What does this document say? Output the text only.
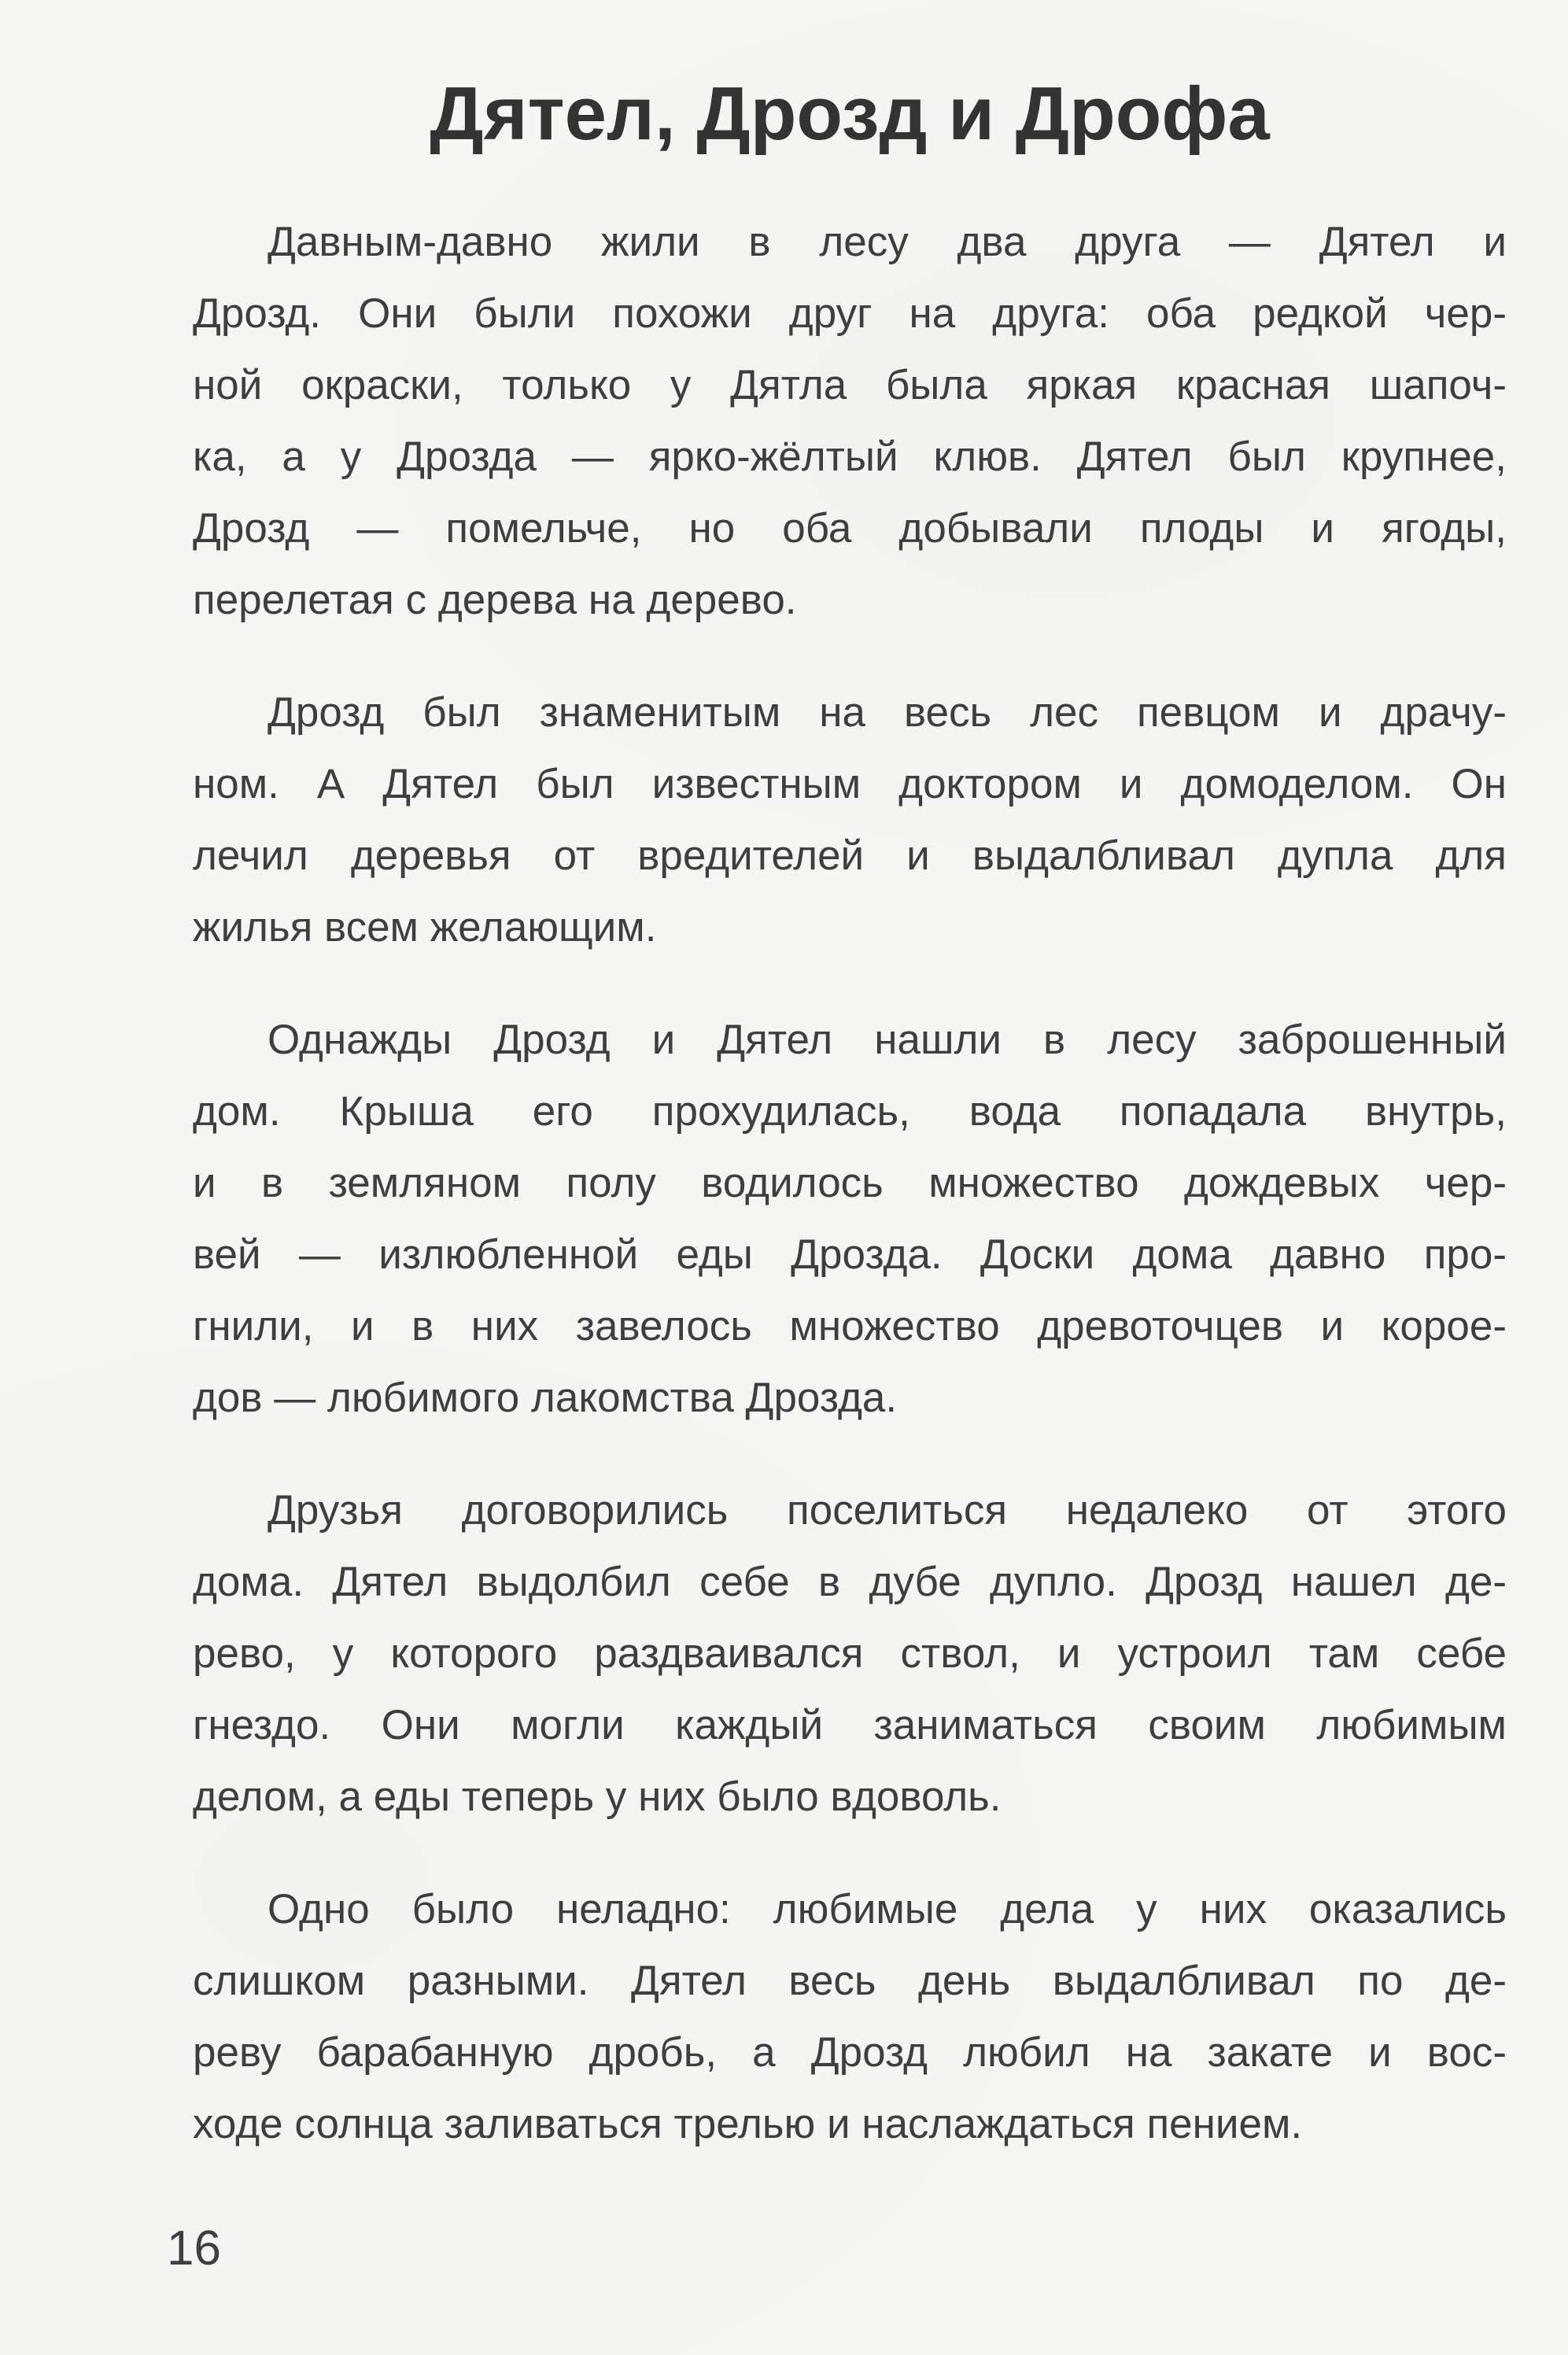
Дятел, Дрозд и Дрофа
Давным-давно жили в лесу два друга — Дятел и
Дрозд. Они были похожи друг на друга: оба редкой чер-
ной окраски, только у Дятла была яркая красная шапоч-
ка, а у Дрозда — ярко-жёлтый клюв. Дятел был крупнее,
Дрозд — помельче, но оба добывали плоды и ягоды,
перелетая с дерева на дерево.
Дрозд был знаменитым на весь лес певцом и драчу-
ном. А Дятел был известным доктором и домоделом. Он
лечил деревья от вредителей и выдалбливал дупла для
жилья всем желающим.
Однажды Дрозд и Дятел нашли в лесу заброшенный
дом. Крыша его прохудилась, вода попадала внутрь,
и в земляном полу водилось множество дождевых чер-
вей — излюбленной еды Дрозда. Доски дома давно про-
гнили, и в них завелось множество древоточцев и корое-
дов — любимого лакомства Дрозда.
Друзья договорились поселиться недалеко от этого
дома. Дятел выдолбил себе в дубе дупло. Дрозд нашел де-
рево, у которого раздваивался ствол, и устроил там себе
гнездо. Они могли каждый заниматься своим любимым
делом, а еды теперь у них было вдоволь.
Одно было неладно: любимые дела у них оказались
слишком разными. Дятел весь день выдалбливал по де-
реву барабанную дробь, а Дрозд любил на закате и вос-
ходе солнца заливаться трелью и наслаждаться пением.
16
